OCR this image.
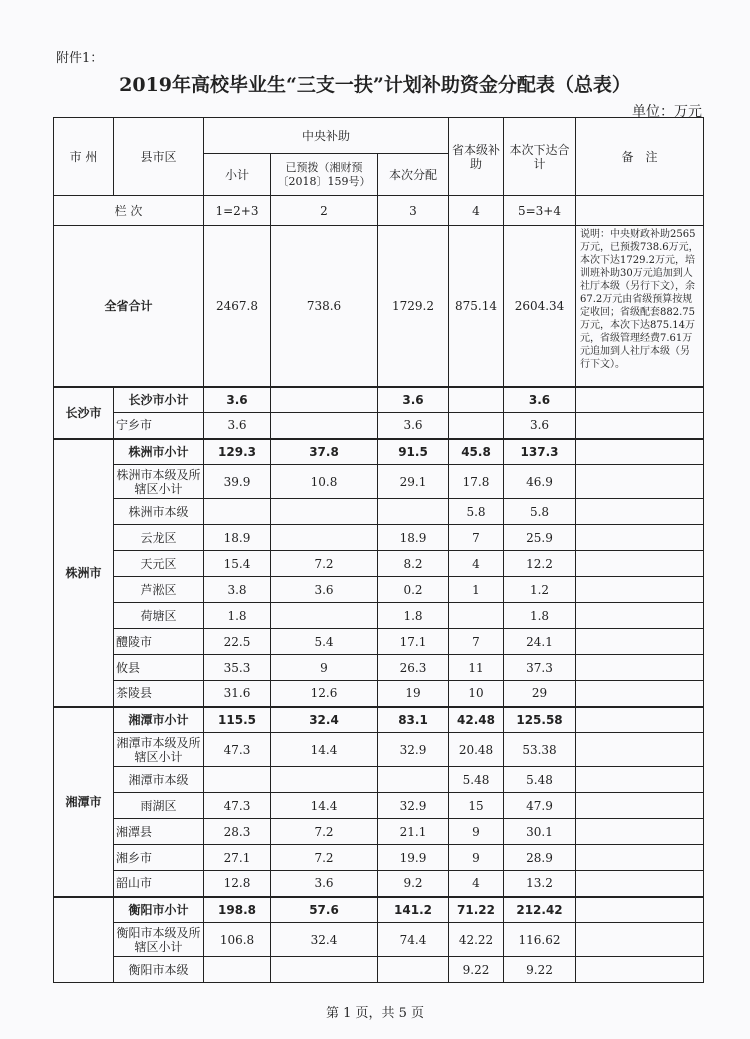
附件1：
2019年高校毕业生“三支一扶”计划补助资金分配表（总表）
单位：万元
市 州	县市区	中央补助			省本级补助	本次下达合计	备　注
		小计	已预拨（湘财预〔2018〕159号）	本次分配			
栏 次		1=2+3	2	3	4	5=3+4	
全省合计		2467.8	738.6	1729.2	875.14	2604.34	说明：中央财政补助2565万元，已预拨738.6万元，本次下达1729.2万元，培训班补助30万元追加到人社厅本级（另行下文），余67.2万元由省级预算按规定收回；省级配套882.75万元，本次下达875.14万元，省级管理经费7.61万元追加到人社厅本级（另行下文）。
长沙市	长沙市小计	3.6		3.6		3.6	
	宁乡市	3.6		3.6		3.6	
株洲市	株洲市小计	129.3	37.8	91.5	45.8	137.3	
	株洲市本级及所辖区小计	39.9	10.8	29.1	17.8	46.9	
	株洲市本级				5.8	5.8	
	云龙区	18.9		18.9	7	25.9	
	天元区	15.4	7.2	8.2	4	12.2	
	芦淞区	3.8	3.6	0.2	1	1.2	
	荷塘区	1.8		1.8		1.8	
	醴陵市	22.5	5.4	17.1	7	24.1	
	攸县	35.3	9	26.3	11	37.3	
	茶陵县	31.6	12.6	19	10	29	
湘潭市	湘潭市小计	115.5	32.4	83.1	42.48	125.58	
	湘潭市本级及所辖区小计	47.3	14.4	32.9	20.48	53.38	
	湘潭市本级				5.48	5.48	
	雨湖区	47.3	14.4	32.9	15	47.9	
	湘潭县	28.3	7.2	21.1	9	30.1	
	湘乡市	27.1	7.2	19.9	9	28.9	
	韶山市	12.8	3.6	9.2	4	13.2	
	衡阳市小计	198.8	57.6	141.2	71.22	212.42	
	衡阳市本级及所辖区小计	106.8	32.4	74.4	42.22	116.62	
	衡阳市本级				9.22	9.22	
第 1 页，共 5 页
